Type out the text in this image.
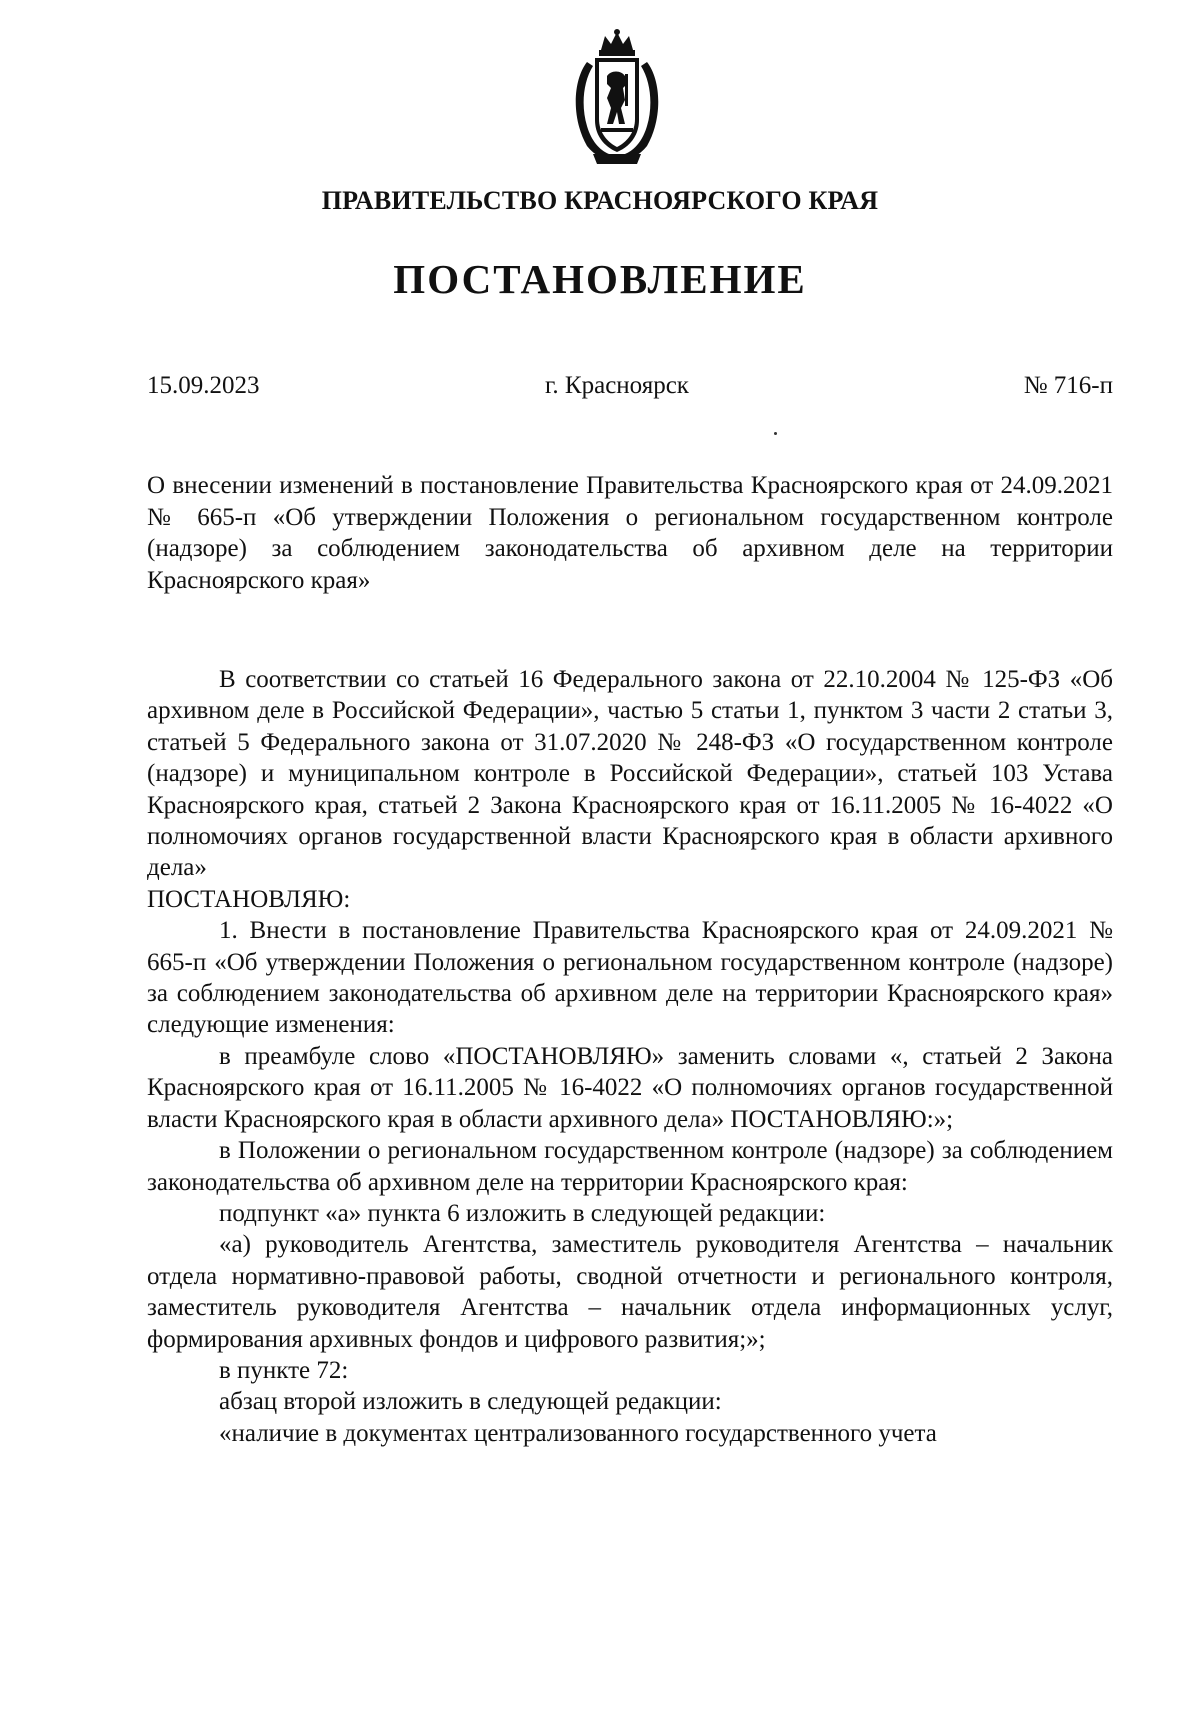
ПРАВИТЕЛЬСТВО КРАСНОЯРСКОГО КРАЯ
ПОСТАНОВЛЕНИЕ
15.09.2023	г. Красноярск	№ 716-п
О внесении изменений в постановление Правительства Красноярского края от 24.09.2021 № 665-п «Об утверждении Положения о региональном государственном контроле (надзоре) за соблюдением законодательства об архивном деле на территории Красноярского края»

В соответствии со статьей 16 Федерального закона от 22.10.2004 № 125-ФЗ «Об архивном деле в Российской Федерации», частью 5 статьи 1, пунктом 3 части 2 статьи 3, статьей 5 Федерального закона от 31.07.2020 № 248-ФЗ «О государственном контроле (надзоре) и муниципальном контроле в Российской Федерации», статьей 103 Устава Красноярского края, статьей 2 Закона Красноярского края от 16.11.2005 № 16-4022 «О полномочиях органов государственной власти Красноярского края в области архивного дела»

ПОСТАНОВЛЯЮ:

1. Внести в постановление Правительства Красноярского края от 24.09.2021 № 665-п «Об утверждении Положения о региональном государственном контроле (надзоре) за соблюдением законодательства об архивном деле на территории Красноярского края» следующие изменения:

в преамбуле слово «ПОСТАНОВЛЯЮ» заменить словами «, статьей 2 Закона Красноярского края от 16.11.2005 № 16-4022 «О полномочиях органов государственной власти Красноярского края в области архивного дела» ПОСТАНОВЛЯЮ:»;

в Положении о региональном государственном контроле (надзоре) за соблюдением законодательства об архивном деле на территории Красноярского края:

подпункт «а» пункта 6 изложить в следующей редакции:

«а) руководитель Агентства, заместитель руководителя Агентства – начальник отдела нормативно-правовой работы, сводной отчетности и регионального контроля, заместитель руководителя Агентства – начальник отдела информационных услуг, формирования архивных фондов и цифрового развития;»;

в пункте 72:

абзац второй изложить в следующей редакции:

«наличие в документах централизованного государственного учета
